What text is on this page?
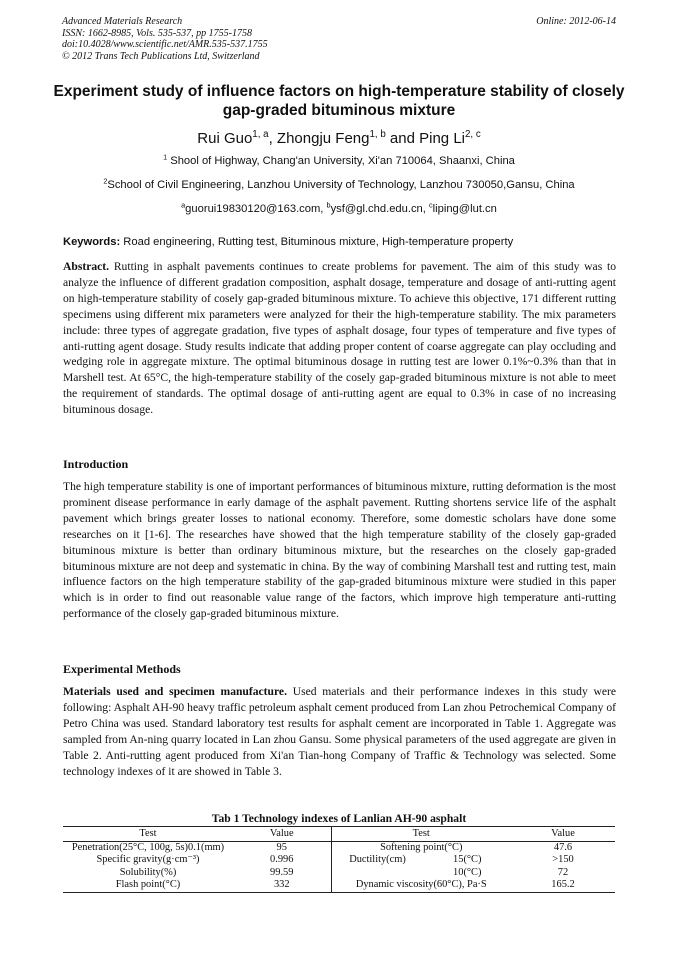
Advanced Materials Research
ISSN: 1662-8985, Vols. 535-537, pp 1755-1758
doi:10.4028/www.scientific.net/AMR.535-537.1755
© 2012 Trans Tech Publications Ltd, Switzerland
Online: 2012-06-14
Experiment study of influence factors on high-temperature stability of closely gap-graded bituminous mixture
Rui Guo$^{1, a}$, Zhongju Feng$^{1, b}$ and Ping Li$^{2, c}$
$^1$ Shool of Highway, Chang'an University, Xi'an 710064, Shaanxi, China
$^2$School of Civil Engineering, Lanzhou University of Technology, Lanzhou 730050,Gansu, China
$^a$guorui19830120@163.com, $^b$ysf@gl.chd.edu.cn, $^c$liping@lut.cn
Keywords: Road engineering, Rutting test, Bituminous mixture, High-temperature property
Abstract. Rutting in asphalt pavements continues to create problems for pavement. The aim of this study was to analyze the influence of different gradation composition, asphalt dosage, temperature and dosage of anti-rutting agent on high-temperature stability of cosely gap-graded bituminous mixture. To achieve this objective, 171 different rutting specimens using different mix parameters were analyzed for their the high-temperature stability. The mix parameters include: three types of aggregate gradation, five types of asphalt dosage, four types of temperature and five types of anti-rutting agent dosage. Study results indicate that adding proper content of coarse aggregate can play occluding and wedging role in aggregate mixture. The optimal bituminous dosage in rutting test are lower 0.1%~0.3% than that in Marshell test. At 65°C, the high-temperature stability of the cosely gap-graded bituminous mixture is not able to meet the requirement of standards. The optimal dosage of anti-rutting agent are equal to 0.3% in case of no increasing bituminous dosage.
Introduction
The high temperature stability is one of important performances of bituminous mixture, rutting deformation is the most prominent disease performance in early damage of the asphalt pavement. Rutting shortens service life of the asphalt pavement which brings greater losses to national economy. Therefore, some domestic scholars have done some researches on it [1-6]. The researches have showed that the high temperature stability of the closely gap-graded bituminous mixture is better than ordinary bituminous mixture, but the researches on the closely gap-graded bituminous mixture are not deep and systematic in china. By the way of combining Marshall test and rutting test, main influence factors on the high temperature stability of the gap-graded bituminous mixture were studied in this paper which is in order to find out reasonable value range of the factors, which improve high temperature anti-rutting performance of the closely gap-graded bituminous mixture.
Experimental Methods
Materials used and specimen manufacture. Used materials and their performance indexes in this study were following: Asphalt AH-90 heavy traffic petroleum asphalt cement produced from Lan zhou Petrochemical Company of Petro China was used. Standard laboratory test results for asphalt cement are incorporated in Table 1. Aggregate was sampled from An-ning quarry located in Lan zhou Gansu. Some physical parameters of the used aggregate are given in Table 2. Anti-rutting agent produced from Xi'an Tian-hong Company of Traffic & Technology was selected. Some technology indexes of it are showed in Table 3.
Tab 1 Technology indexes of Lanlian AH-90 asphalt
Test	Value	Test	Value
Penetration(25°C, 100g, 5s)0.1(mm)	95	Softening point(°C)	47.6
Specific gravity(g·cm⁻³)	0.996	Ductility(cm) 15(°C)	>150
Solubility(%)	99.59	10(°C)	72
Flash point(°C)	332	Dynamic viscosity(60°C), Pa·S	165.2
